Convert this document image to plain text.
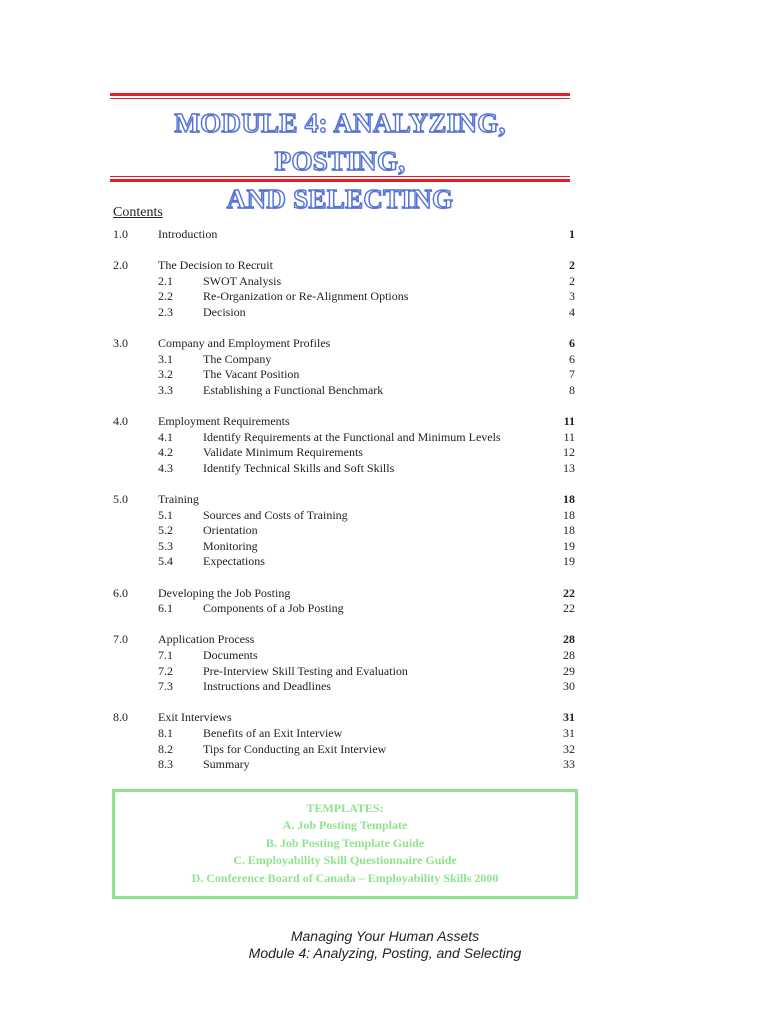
MODULE 4: ANALYZING, POSTING,
AND SELECTING
Contents
1.0	Introduction	1
2.0	The Decision to Recruit	2
2.1	SWOT Analysis	2
2.2	Re-Organization or Re-Alignment Options	3
2.3	Decision	4
3.0	Company and Employment Profiles	6
3.1	The Company	6
3.2	The Vacant Position	7
3.3	Establishing a Functional Benchmark	8
4.0	Employment Requirements	11
4.1	Identify Requirements at the Functional and Minimum Levels	11
4.2	Validate Minimum Requirements	12
4.3	Identify Technical Skills and Soft Skills	13
5.0	Training	18
5.1	Sources and Costs of Training	18
5.2	Orientation	18
5.3	Monitoring	19
5.4	Expectations	19
6.0	Developing the Job Posting	22
6.1	Components of a Job Posting	22
7.0	Application Process	28
7.1	Documents	28
7.2	Pre-Interview Skill Testing and Evaluation	29
7.3	Instructions and Deadlines	30
8.0	Exit Interviews	31
8.1	Benefits of an Exit Interview	31
8.2	Tips for Conducting an Exit Interview	32
8.3	Summary	33
TEMPLATES:
A. Job Posting Template
B. Job Posting Template Guide
C. Employability Skill Questionnaire Guide
D. Conference Board of Canada – Employability Skills 2000
Managing Your Human Assets
Module 4: Analyzing, Posting, and Selecting
